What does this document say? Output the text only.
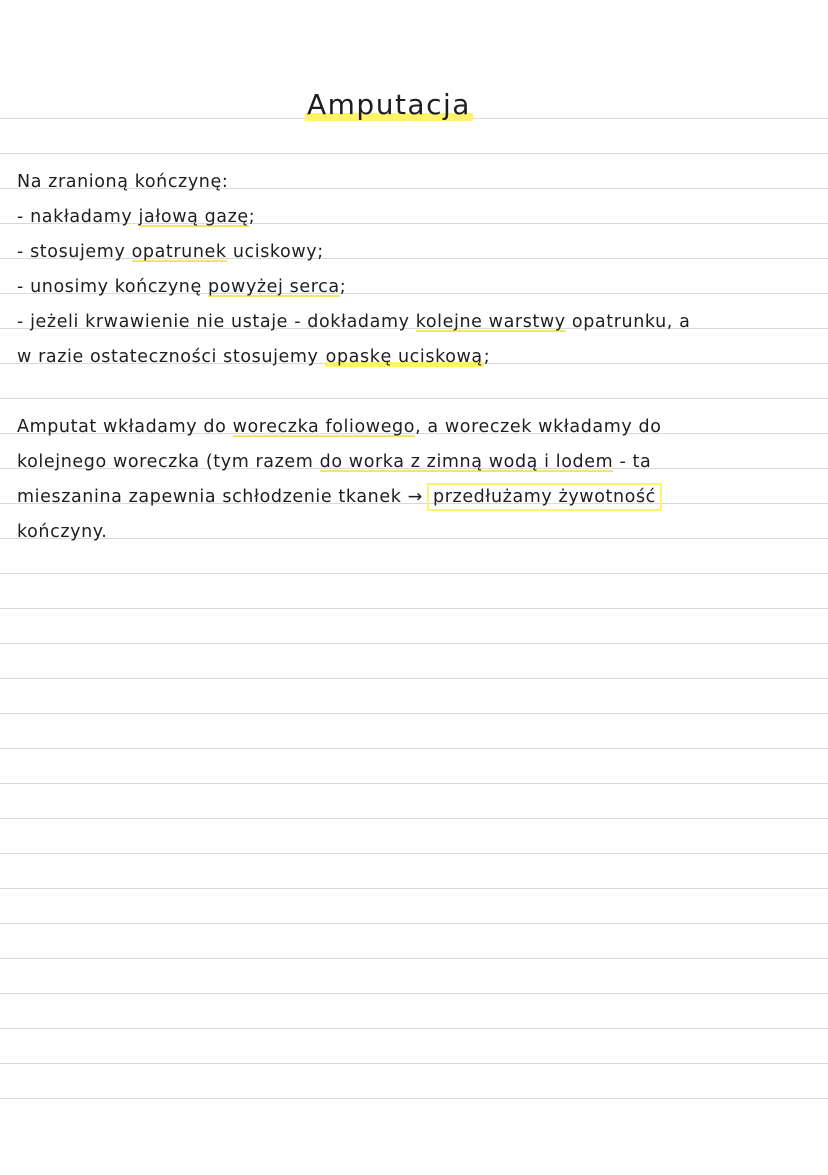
Amputacja
Na zranioną kończynę:
- nakładamy jałową gazę;
- stosujemy opatrunek uciskowy;
- unosimy kończynę powyżej serca;
- jeżeli krwawienie nie ustaje - dokładamy kolejne warstwy opatrunku, a
w razie ostateczności stosujemy opaskę uciskową;
Amputat wkładamy do woreczka foliowego, a woreczek wkładamy do
kolejnego woreczka (tym razem do worka z zimną wodą i lodem - ta
mieszanina zapewnia schłodzenie tkanek → przedłużamy żywotność
kończyny.
